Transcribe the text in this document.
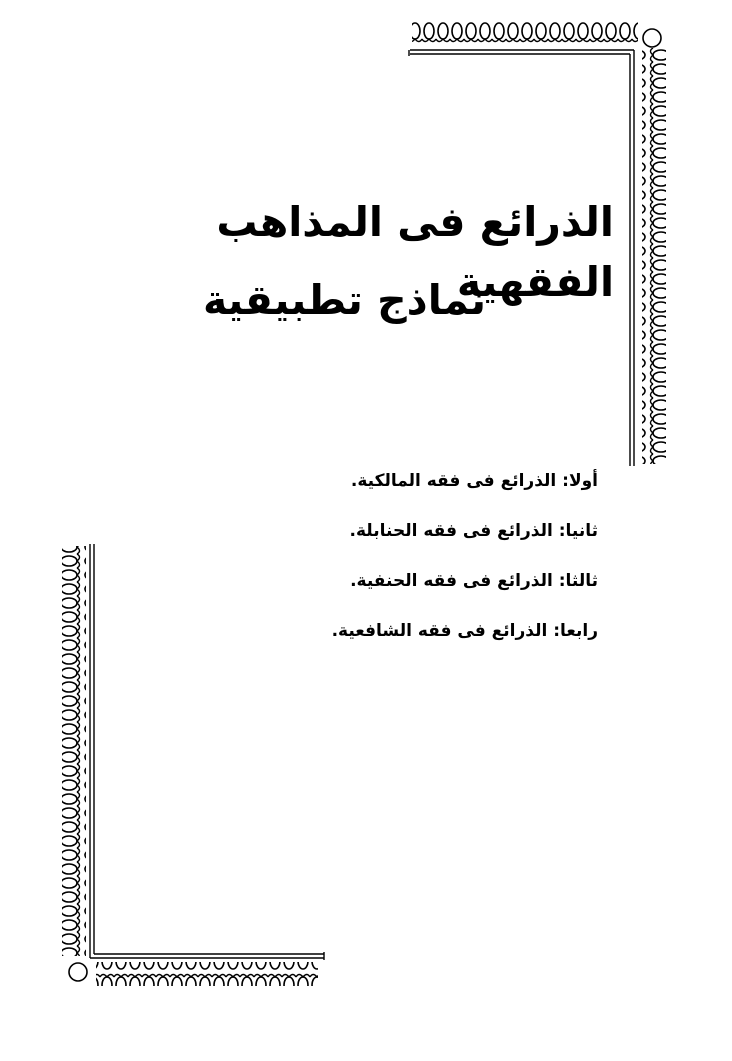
الذرائع فى المذاهب الفقهية
نماذج تطبيقية
أولا: الذرائع فى فقه المالكية.
ثانيا: الذرائع فى فقه الحنابلة.
ثالثا: الذرائع فى فقه الحنفية.
رابعا: الذرائع فى فقه الشافعية.
